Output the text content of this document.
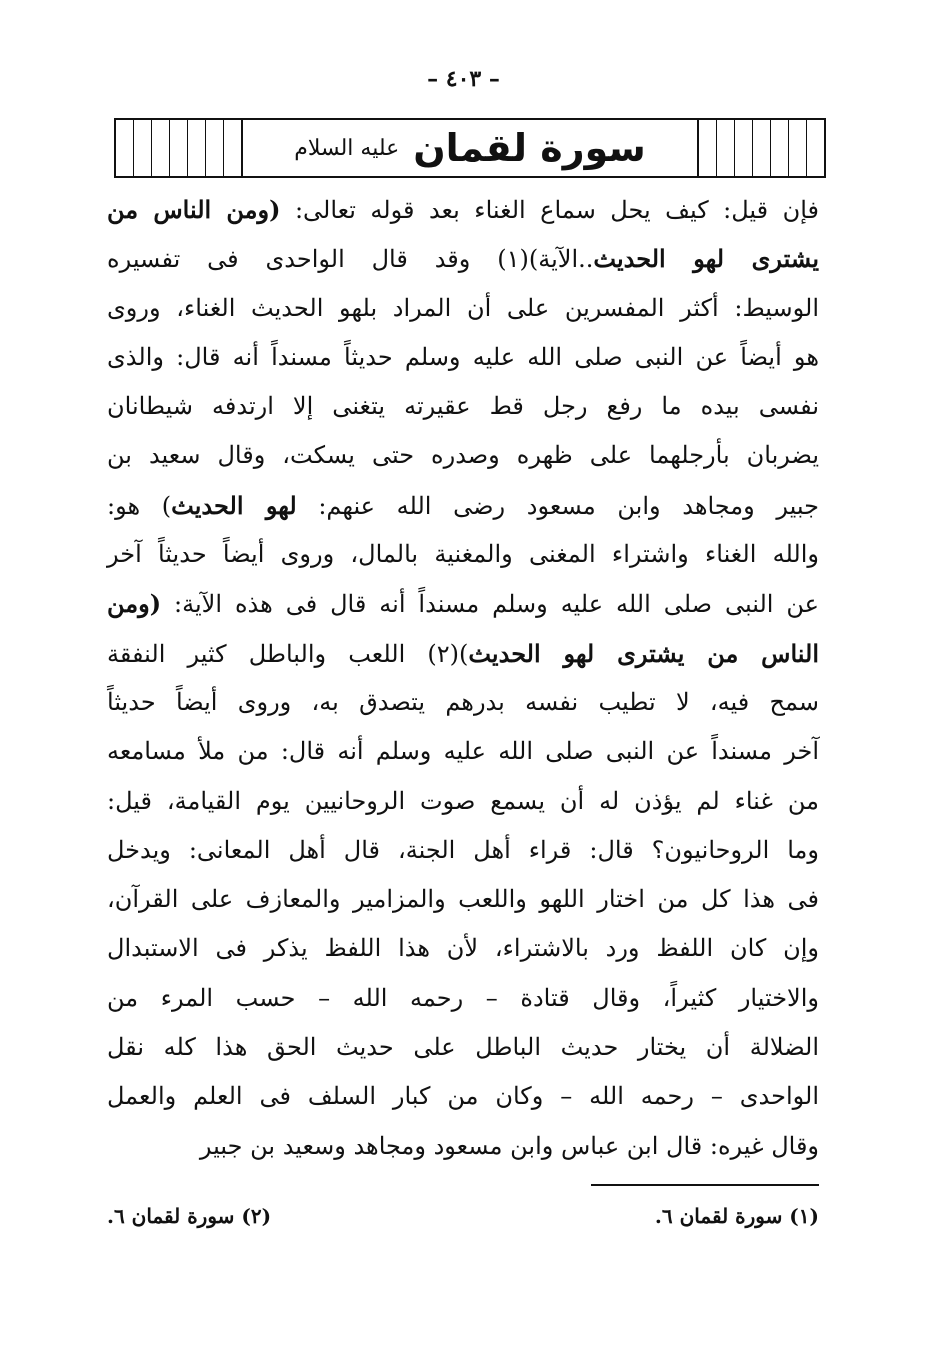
– ٤٠٣ –
سورة لقمان
عليه السلام
فإن قيل: كيف يحل سماع الغناء بعد قوله تعالى: (ومن الناس من
يشترى لهو الحديث..الآية)(١) وقد قال الواحدى فى تفسيره
الوسيط: أكثر المفسرين على أن المراد بلهو الحديث الغناء، وروى
هو أيضاً عن النبى صلى الله عليه وسلم حديثاً مسنداً أنه قال: والذى
نفسى بيده ما رفع رجل قط عقيرته يتغنى إلا ارتدفه شيطانان
يضربان بأرجلهما على ظهره وصدره حتى يسكت، وقال سعيد بن
جبير ومجاهد وابن مسعود رضى الله عنهم: لهو الحديث) هو:
والله الغناء واشتراء المغنى والمغنية بالمال، وروى أيضاً حديثاً آخر
عن النبى صلى الله عليه وسلم مسنداً أنه قال فى هذه الآية: (ومن
الناس من يشترى لهو الحديث)(٢) اللعب والباطل كثير النفقة
سمح فيه، لا تطيب نفسه بدرهم يتصدق به، وروى أيضاً حديثاً
آخر مسنداً عن النبى صلى الله عليه وسلم أنه قال: من ملأ مسامعه
من غناء لم يؤذن له أن يسمع صوت الروحانيين يوم القيامة، قيل:
وما الروحانيون؟ قال: قراء أهل الجنة، قال أهل المعانى: ويدخل
فى هذا كل من اختار اللهو واللعب والمزامير والمعازف على القرآن،
وإن كان اللفظ ورد بالاشتراء، لأن هذا اللفظ يذكر فى الاستبدال
والاختيار كثيراً، وقال قتادة – رحمه الله – حسب المرء من
الضلالة أن يختار حديث الباطل على حديث الحق هذا كله نقل
الواحدى – رحمه الله – وكان من كبار السلف فى العلم والعمل
وقال غيره: قال ابن عباس وابن مسعود ومجاهد وسعيد بن جبير
(١) سورة لقمان ٦.
(٢) سورة لقمان ٦.
